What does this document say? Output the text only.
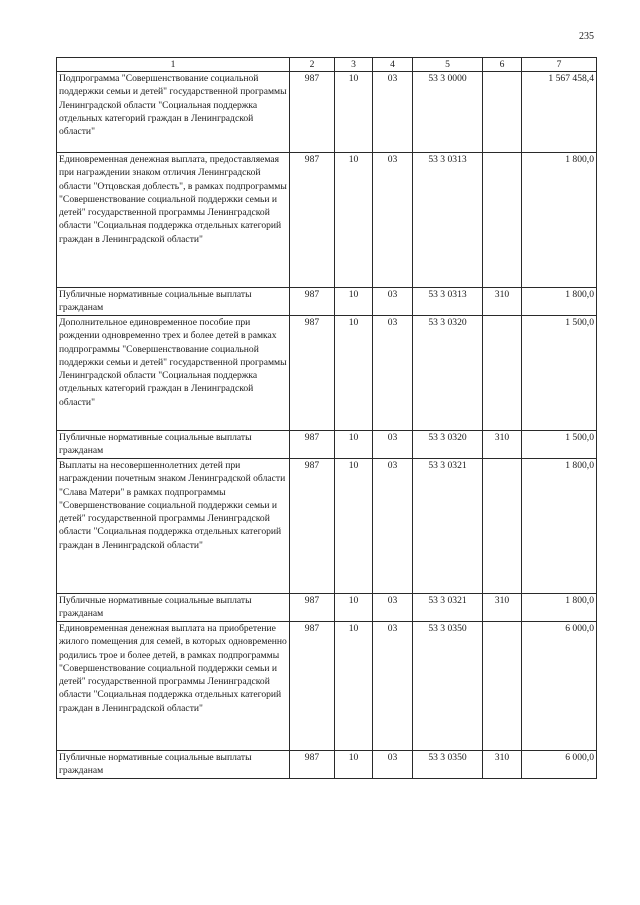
235
1	2	3	4	5	6	7
Подпрограмма "Совершенствование социальной поддержки семьи и детей" государственной программы Ленинградской области "Социальная поддержка отдельных категорий граждан в Ленинградской области"	987	10	03	53 3 0000		1 567 458,4
Единовременная денежная выплата, предоставляемая при награждении знаком отличия Ленинградской области "Отцовская доблесть", в рамках подпрограммы "Совершенствование социальной поддержки семьи и детей" государственной программы Ленинградской области "Социальная поддержка отдельных категорий граждан в Ленинградской области"	987	10	03	53 3 0313		1 800,0
Публичные нормативные социальные выплаты гражданам	987	10	03	53 3 0313	310	1 800,0
Дополнительное единовременное пособие при рождении одновременно трех и более детей в рамках подпрограммы "Совершенствование социальной поддержки семьи и детей" государственной программы Ленинградской области "Социальная поддержка отдельных категорий граждан в Ленинградской области"	987	10	03	53 3 0320		1 500,0
Публичные нормативные социальные выплаты гражданам	987	10	03	53 3 0320	310	1 500,0
Выплаты на несовершеннолетних детей при награждении почетным знаком Ленинградской области "Слава Матери" в рамках подпрограммы "Совершенствование социальной поддержки семьи и детей" государственной программы Ленинградской области "Социальная поддержка отдельных категорий граждан в Ленинградской области"	987	10	03	53 3 0321		1 800,0
Публичные нормативные социальные выплаты гражданам	987	10	03	53 3 0321	310	1 800,0
Единовременная денежная выплата на приобретение жилого помещения для семей, в которых одновременно родились трое и более детей, в рамках подпрограммы "Совершенствование социальной поддержки семьи и детей" государственной программы Ленинградской области "Социальная поддержка отдельных категорий граждан в Ленинградской области"	987	10	03	53 3 0350		6 000,0
Публичные нормативные социальные выплаты гражданам	987	10	03	53 3 0350	310	6 000,0
